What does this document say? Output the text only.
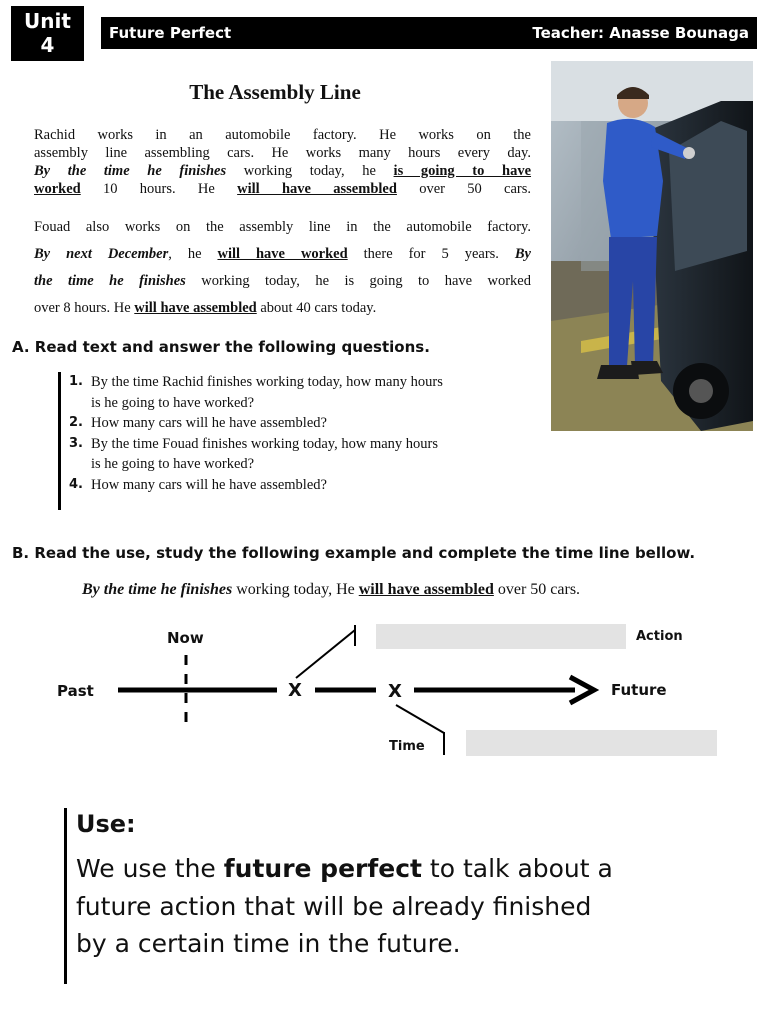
Unit
4	Future Perfect	Teacher: Anasse Bounaga
The Assembly Line
Rachid works in an automobile factory. He works on the
assembly line assembling cars. He works many hours every day.
By the time he finishes working today, he is going to have
worked 10 hours. He will have assembled over 50 cars.
Fouad also works on the assembly line in the automobile factory.
By next December, he will have worked there for 5 years. By
the time he finishes working today, he is going to have worked
over 8 hours. He will have assembled about 40 cars today.
A. Read text and answer the following questions.
1. By the time Rachid finishes working today, how many hours
is he going to have worked?
2. How many cars will he have assembled?
3. By the time Fouad finishes working today, how many hours
is he going to have worked?
4. How many cars will he have assembled?
B. Read the use, study the following example and complete the time line bellow.
By the time he finishes working today, He will have assembled over 50 cars.
Now
Past	Future
Action
Time
X	X
Use:
We use the future perfect to talk about a
future action that will be already finished
by a certain time in the future.
